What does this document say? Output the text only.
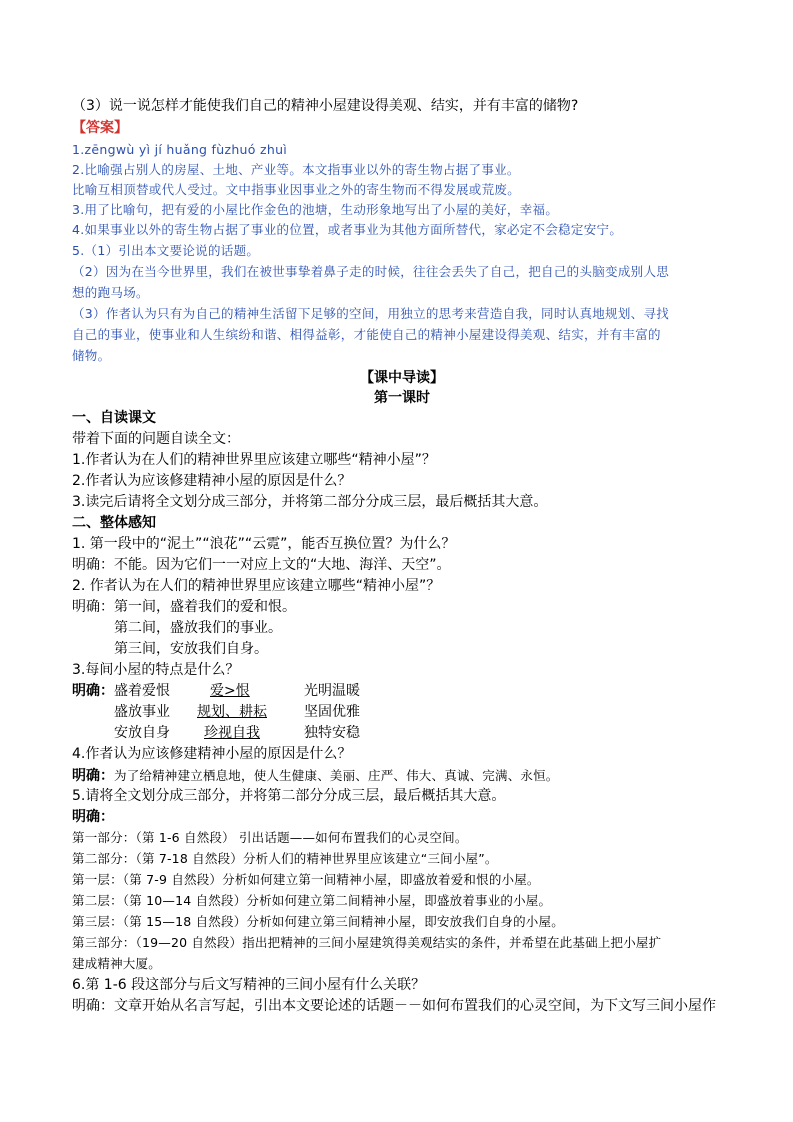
（3）说一说怎样才能使我们自己的精神小屋建设得美观、结实，并有丰富的储物?
【答案】
1.zēngwù yì jí huǎng fùzhuó zhuì
2.比喻强占别人的房屋、土地、产业等。本文指事业以外的寄生物占据了事业。
比喻互相顶替或代人受过。文中指事业因事业之外的寄生物而不得发展或荒废。
3.用了比喻句，把有爱的小屋比作金色的池塘，生动形象地写出了小屋的美好，幸福。
4.如果事业以外的寄生物占据了事业的位置，或者事业为其他方面所替代，家必定不会稳定安宁。
5.（1）引出本文要论说的话题。
（2）因为在当今世界里，我们在被世事挚着鼻子走的时候，往往会丢失了自己，把自己的头脑变成别人思
想的跑马场。
（3）作者认为只有为自己的精神生活留下足够的空间，用独立的思考来营造自我，同时认真地规划、寻找
自己的事业，使事业和人生缤纷和谐、相得益彰，才能使自己的精神小屋建设得美观、结实，并有丰富的
储物。
【课中导读】
第一课时
一、自读课文
带着下面的问题自读全文：
1.作者认为在人们的精神世界里应该建立哪些“精神小屋”？
2.作者认为应该修建精神小屋的原因是什么？
3.读完后请将全文划分成三部分，并将第二部分分成三层，最后概括其大意。
二、整体感知
1. 第一段中的“泥土”“浪花”“云霓”，能否互换位置？为什么？
明确：不能。因为它们一一对应上文的“大地、海洋、天空”。
2. 作者认为在人们的精神世界里应该建立哪些“精神小屋”？
明确：第一间，盛着我们的爱和恨。
第二间，盛放我们的事业。
第三间，安放我们自身。
3.每间小屋的特点是什么？
明确： 盛着爱恨	爱>恨	光明温暖
盛放事业 规划、耕耘	坚固优雅
安放自身 珍视自我	独特安稳
4.作者认为应该修建精神小屋的原因是什么？
明确：为了给精神建立栖息地，使人生健康、美丽、庄严、伟大、真诚、完满、永恒。
5.请将全文划分成三部分，并将第二部分分成三层，最后概括其大意。
明确：
第一部分：（第 1-6 自然段） 引出话题——如何布置我们的心灵空间。
第二部分：（第 7-18 自然段）分析人们的精神世界里应该建立“三间小屋”。
第一层：（第 7-9 自然段）分析如何建立第一间精神小屋，即盛放着爱和恨的小屋。
第二层：（第 10—14 自然段）分析如何建立第二间精神小屋，即盛放着事业的小屋。
第三层：（第 15—18 自然段）分析如何建立第三间精神小屋，即安放我们自身的小屋。
第三部分：（19—20 自然段）指出把精神的三间小屋建筑得美观结实的条件，并希望在此基础上把小屋扩
建成精神大厦。
6.第 1-6 段这部分与后文写精神的三间小屋有什么关联？
明确：文章开始从名言写起，引出本文要论述的话题－－如何布置我们的心灵空间，为下文写三间小屋作
